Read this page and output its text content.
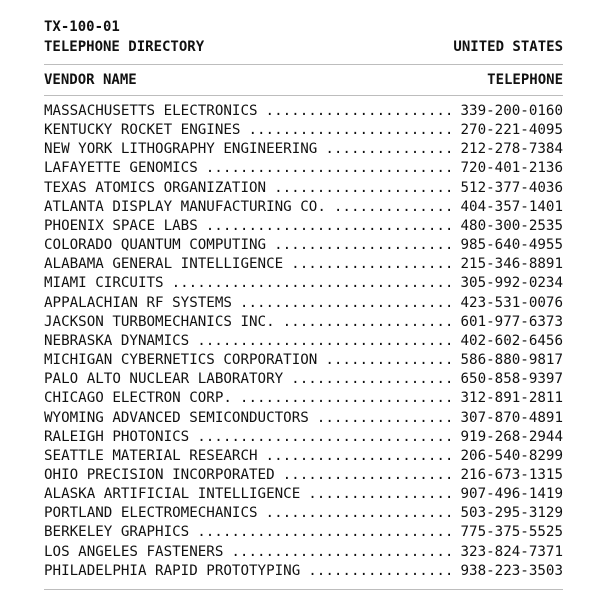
TX-100-01
TELEPHONE DIRECTORY	UNITED STATES
VENDOR NAME	TELEPHONE
MASSACHUSETTS ELECTRONICS .....	339-200-0160
KENTUCKY ROCKET ENGINES .....	270-221-4095
NEW YORK LITHOGRAPHY ENGINEERING .....	212-278-7384
LAFAYETTE GENOMICS .....	720-401-2136
TEXAS ATOMICS ORGANIZATION .....	512-377-4036
ATLANTA DISPLAY MANUFACTURING CO. .....	404-357-1401
PHOENIX SPACE LABS .....	480-300-2535
COLORADO QUANTUM COMPUTING .....	985-640-4955
ALABAMA GENERAL INTELLIGENCE .....	215-346-8891
MIAMI CIRCUITS .....	305-992-0234
APPALACHIAN RF SYSTEMS .....	423-531-0076
JACKSON TURBOMECHANICS INC. .....	601-977-6373
NEBRASKA DYNAMICS .....	402-602-6456
MICHIGAN CYBERNETICS CORPORATION .....	586-880-9817
PALO ALTO NUCLEAR LABORATORY .....	650-858-9397
CHICAGO ELECTRON CORP. .....	312-891-2811
WYOMING ADVANCED SEMICONDUCTORS .....	307-870-4891
RALEIGH PHOTONICS .....	919-268-2944
SEATTLE MATERIAL RESEARCH .....	206-540-8299
OHIO PRECISION INCORPORATED .....	216-673-1315
ALASKA ARTIFICIAL INTELLIGENCE .....	907-496-1419
PORTLAND ELECTROMECHANICS .....	503-295-3129
BERKELEY GRAPHICS .....	775-375-5525
LOS ANGELES FASTENERS .....	323-824-7371
PHILADELPHIA RAPID PROTOTYPING .....	938-223-3503
